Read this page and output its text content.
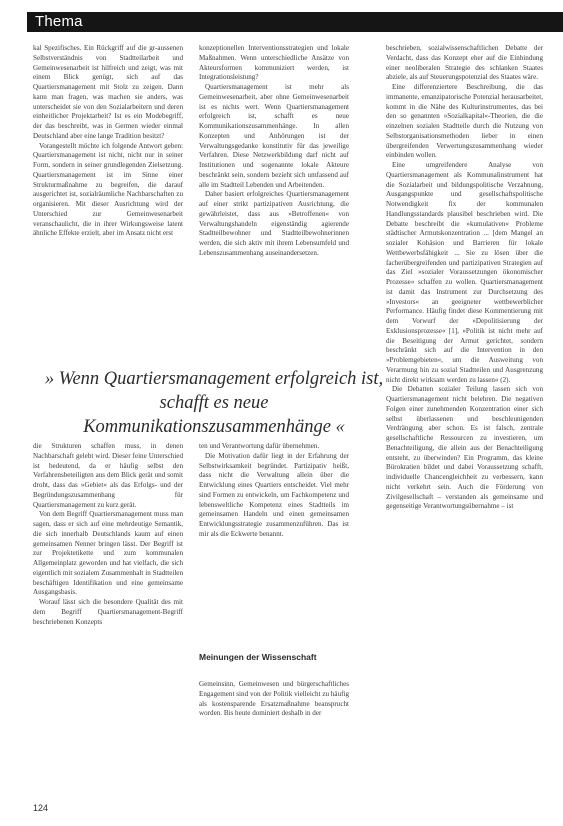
Thema

kal Spezifisches. Ein Rückgriff auf die gr-aussenen Selbstverständnis von Stadtteilarbeit und Gemeinwesenarbeit ist hilfreich und zeigt, was mit einem Blick genügt, sich auf das Quartiersmanagement mit Stolz zu zeigen. Dann kann man fragen, was machen sie anders, was unterscheidet sie von den Sozialarbeitern und deren einheitlicher Projektarbeit? Ist es ein Modebegriff, der das beschreibt, was in Germen wieder einmal Deutschland aber eine lange Tradition besitzt?

Vorangestellt möchte ich folgende Antwort geben: Quartiersmanagement ist nicht, nicht nur in seiner Form, sondern in seiner grundlegenden Zielsetzung. Quartiersmanagement ist im Sinne einer Strukturmaßnahme zu begreifen, die darauf ausgerichtet ist, sozialräumliche Nachbarschaften zu organisieren. Mit dieser Ausrichtung wird der Unterschied zur Gemeinwesenarbeit veranschaulicht, die in ihrer Wirkungsweise latent ähnliche Effekte erzielt, aber im Ansatz nicht erst

konzeptionellen Interventionsstrategien und lokale Maßnahmen. Wenn unterschiedliche Ansätze von Akteursformen kommuniziert werden, ist Integrationsleistung?

Quartiersmanagement ist mehr als Gemeinwesenarbeit, aber ohne Gemeinwesenarbeit ist es nichts wert. Wenn Quartiersmanagement erfolgreich ist, schafft es neue Kommunikationszusammenhänge. In allen Konzepten und Anhörungen ist der Verwaltungsgedanke konstitutiv für das jeweilige Verfahren. Diese Netzwerkbildung darf nicht auf Institutionen und sogenannte lokale Akteure beschränkt sein, sondern bezieht sich umfassend auf alle im Stadtteil Lebenden und Arbeitenden.

Daher basiert erfolgreiches Quartiersmanagement auf einer strikt partizipativen Ausrichtung, die gewährleistet, dass aus »Betroffenen« von Verwaltungshandeln eigenständig agierende Stadtteilbewohner und Stadtteilbewohnerinnen werden, die sich aktiv mit ihrem Lebensumfeld und Lebenszusammenhang auseinandersetzen.

beschrieben, sozialwissenschaftlichen Debatte der Verdacht, dass das Konzept eher auf die Einbindung einer neoliberalen Strategie des schlanken Staates abziele, als auf Steuerungspotenzial des Staates wäre.

Eine differenziertere Beschreibung, die das immanente, emanzipatorische Potenzial herausarbeitet, kommt in die Nähe des Kulturinstrumentes, das bei den so genannten »Sozialkapital«-Theorien, die die einzelnen sozialen Stadtteile durch die Nutzung von Selbstorganisationsmethoden lieber in einen übergreifenden Verwertungszusammenhang wieder einbinden wollen.

Eine umgreifendere Analyse von Quartiersmanagement als Kommunalinstrument hat die Sozialarbeit und bildungspolitische Verzahnung, Ausgangspunkte und gesellschaftspolitische Notwendigkeit fix der kommunalen Handlungsstandards plausibel beschrieben wird. Die Debatte beschreibt die »kumulativen« Probleme städtischer Armutskonzentration ... [dem Mangel an sozialer Kohäsion und Barrieren für lokale Wettbewerbsfähigkeit ... Sie zu lösen über die facherübergreifenden und partizipativen Strategien auf das Ziel »sozialer Voraussetzungen ökonomischer Prozesse« schaffen zu wollen. Quartiersmanagement ist damit das Instrument zur Durchsetzung des »Investors« an geeigneter wettbewerblicher Performance. Häufig findet diese Kommentierung mit dem Vorwurf der »Depolitisierung der Exklusionsprozesse« [1], »Politik ist nicht mehr auf die Beseitigung der Armut gerichtet, sondern beschränkt sich auf die Intervention in den »Problemgebieten«, um die Ausweitung von Verarmung hin zu sozial Stadtteilen und Ausgrenzung nicht direkt wirksam werden zu lassen« (2).

Die Debatten sozialer Teilung lassen sich von Quartiersmanagement nicht belehren. Die negativen Folgen einer zunehmenden Konzentration einer sich selbst überlassenen und beschleunigenden Verdrängung aber schon. Es ist falsch, zentrale gesellschaftliche Ressourcen zu investieren, um Benachteiligung, die allein aus der Benachteiligung entsteht, zu überwinden? Ein Programm, das kleine Bürokratien bildet und dabei Voraussetzung schafft, individuelle Chancengleichheit zu verbessern, kann nicht verkehrt sein. Auch die Förderung von Zivilgesellschaft – verstanden als gemeinsame und gegenseitige Verantwortungsübernahme – ist

» Wenn Quartiersmanagement erfolgreich ist, schafft es neue Kommunikationszusammenhänge «

die Strukturen schaffen muss, in denen Nachbarschaft gelebt wird. Dieser feine Unterschied ist bedeutend, da er häufig selbst den Verfahrensbeteiligten aus dem Blick gerät und somit droht, dass das »Gebiet« als das Erfolgs- und der Begründungszusammenhang für Quartiersmanagement zu kurz gerät.

Von dem Begriff Quartiersmanagement muss man sagen, dass er sich auf eine mehrdeutige Semantik, die sich innerhalb Deutschlands kaum auf einen gemeinsamen Nenner bringen lässt. Der Begriff ist zur Projektetikette und zum kommunalen Allgemeinplatz geworden und hat vielfach, die sich eigentlich mit sozialem Zusammenhalt in Stadtteilen beschäftigen Identifikation und eine gemeinsame Ausgangsbasis.

Worauf lässt sich die besondere Qualität des mit dem Begriff Quartiersmanagement-Begriff beschriebenen Konzepts

ten und Verantwortung dafür übernehmen.

Die Motivation dafür liegt in der Erfahrung der Selbstwirksamkeit begründet. Partizipativ heißt, dass nicht die Verwaltung allein über die Entwicklung eines Quartiers entscheidet. Viel mehr sind Formen zu entwickeln, um Fachkompetenz und lebensweltliche Kompetenz eines Stadtteils im gemeinsamen Handeln und einen gemeinsamen Entwicklungsstrategie zusammenzuführen. Das ist mir als die Eckwerte benannt.

Meinungen der Wissenschaft

Gemeinsinn, Gemeinwesen und bürgerschaftliches Engagement sind von der Politik vielleicht zu häufig als kostensparende Ersatzmaßnahme beansprucht worden. Bis heute dominiert deshalb in der

124
